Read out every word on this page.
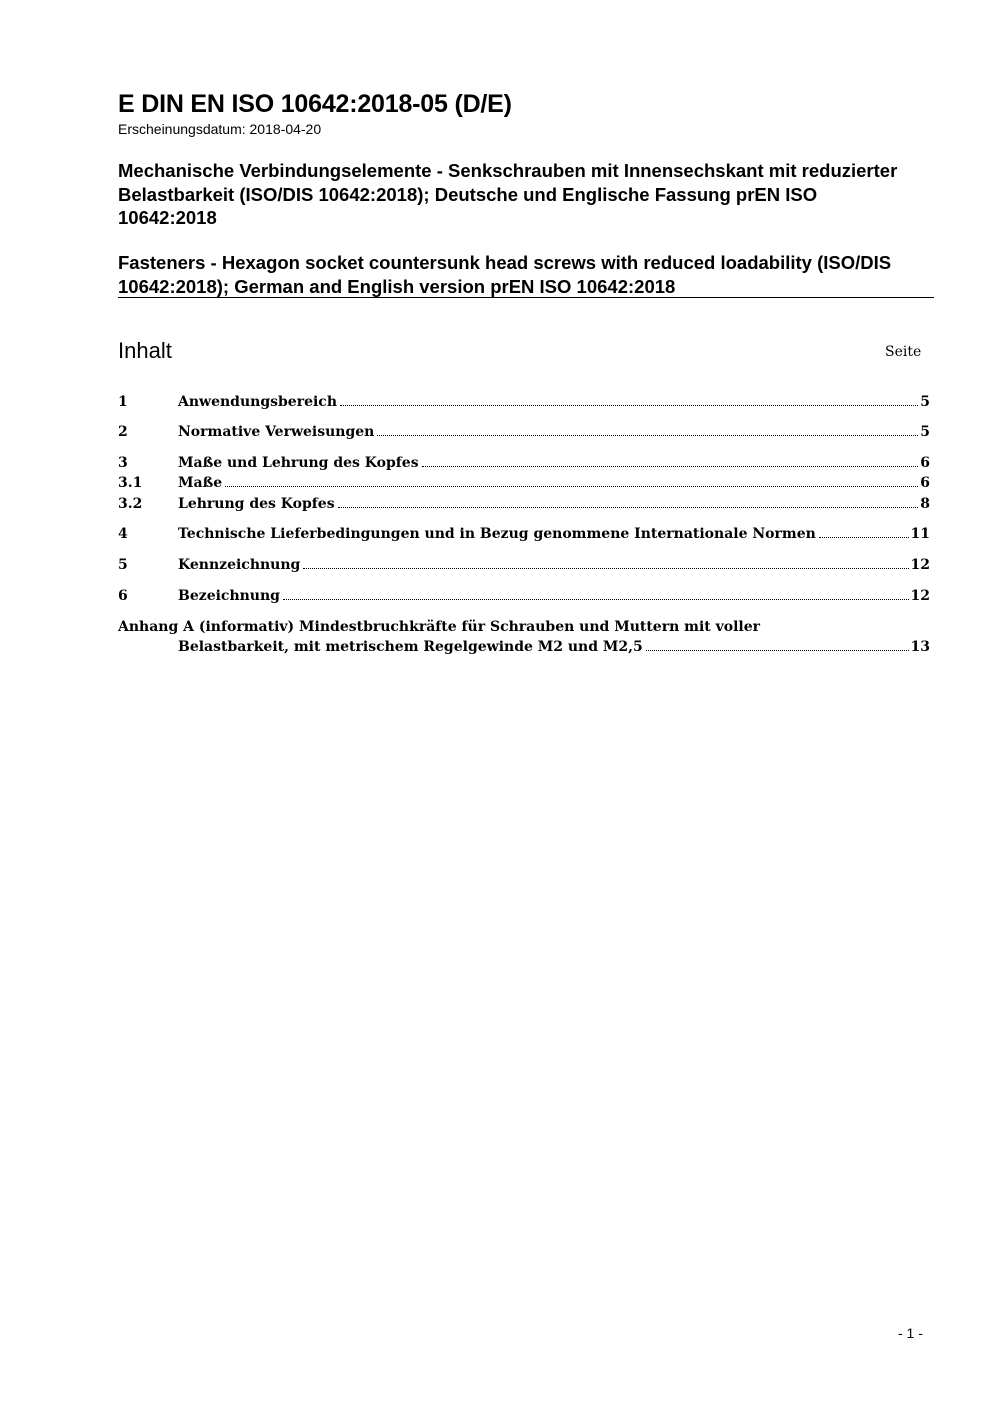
E DIN EN ISO 10642:2018-05 (D/E)
Erscheinungsdatum: 2018-04-20
Mechanische Verbindungselemente - Senkschrauben mit Innensechskant mit reduzierter Belastbarkeit (ISO/DIS 10642:2018); Deutsche und Englische Fassung prEN ISO 10642:2018
Fasteners - Hexagon socket countersunk head screws with reduced loadability (ISO/DIS 10642:2018); German and English version prEN ISO 10642:2018
Inhalt	Seite
1	Anwendungsbereich	5
2	Normative Verweisungen	5
3	Maße und Lehrung des Kopfes	6
3.1	Maße	6
3.2	Lehrung des Kopfes	8
4	Technische Lieferbedingungen und in Bezug genommene Internationale Normen	11
5	Kennzeichnung	12
6	Bezeichnung	12
Anhang A (informativ) Mindestbruchkräfte für Schrauben und Muttern mit voller
Belastbarkeit, mit metrischem Regelgewinde M2 und M2,5	13
- 1 -
